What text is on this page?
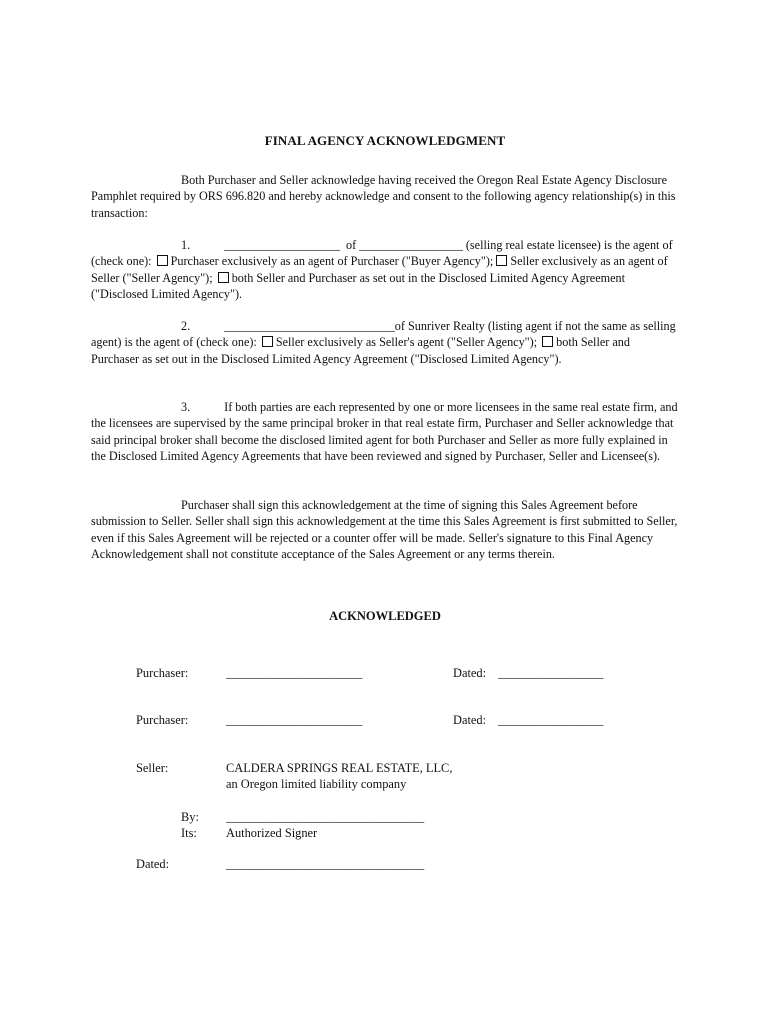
FINAL AGENCY ACKNOWLEDGMENT
Both Purchaser and Seller acknowledge having received the Oregon Real Estate Agency Disclosure Pamphlet required by ORS 696.820 and hereby acknowledge and consent to the following agency relationship(s) in this transaction:
1.	___________________ of _________________ (selling real estate licensee) is the agent of (check one): Purchaser exclusively as an agent of Purchaser ("Buyer Agency"); Seller exclusively as an agent of Seller ("Seller Agency"); both Seller and Purchaser as set out in the Disclosed Limited Agency Agreement ("Disclosed Limited Agency").
2.	____________________________of Sunriver Realty (listing agent if not the same as selling agent) is the agent of (check one): Seller exclusively as Seller's agent ("Seller Agency"); both Seller and Purchaser as set out in the Disclosed Limited Agency Agreement ("Disclosed Limited Agency").
3.	If both parties are each represented by one or more licensees in the same real estate firm, and the licensees are supervised by the same principal broker in that real estate firm, Purchaser and Seller acknowledge that said principal broker shall become the disclosed limited agent for both Purchaser and Seller as more fully explained in the Disclosed Limited Agency Agreements that have been reviewed and signed by Purchaser, Seller and Licensee(s).
Purchaser shall sign this acknowledgement at the time of signing this Sales Agreement before submission to Seller. Seller shall sign this acknowledgement at the time this Sales Agreement is first submitted to Seller, even if this Sales Agreement will be rejected or a counter offer will be made. Seller's signature to this Final Agency Acknowledgement shall not constitute acceptance of the Sales Agreement or any terms therein.
ACKNOWLEDGED
Purchaser:	______________________	Dated: _________________
Purchaser:	______________________	Dated: _________________
Seller:	CALDERA SPRINGS REAL ESTATE, LLC,
an Oregon limited liability company
By: ________________________________
Its: Authorized Signer
Dated:	________________________________
